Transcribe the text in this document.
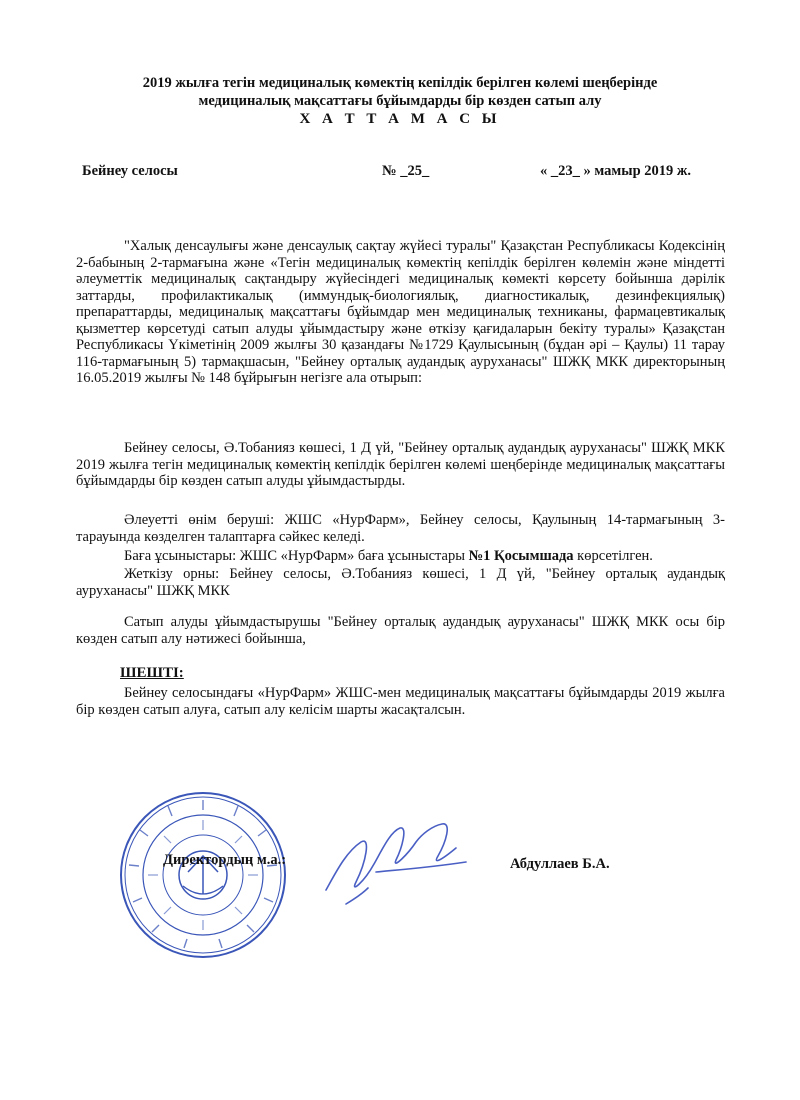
2019 жылға тегін медициналық көмектің кепілдік берілген көлемі шеңберінде
медициналық мақсаттағы бұйымдарды бір көзден сатып алу
Х А Т Т А М А С Ы
Бейнеу селосы	№ _25_	« _23_ » мамыр 2019 ж.
"Халық денсаулығы және денсаулық сақтау жүйесі туралы" Қазақстан Республикасы Кодексінің 2-бабының 2-тармағына және «Тегін медициналық көмектің кепілдік берілген көлемін және міндетті әлеуметтік медициналық сақтандыру жүйесіндегі медициналық көмекті көрсету бойынша дәрілік заттарды, профилактикалық (иммундық-биологиялық, диагностикалық, дезинфекциялық) препараттарды, медициналық мақсаттағы бұйымдар мен медициналық техниканы, фармацевтикалық қызметтер көрсетуді сатып алуды ұйымдастыру және өткізу қағидаларын бекіту туралы» Қазақстан Республикасы Үкіметінің 2009 жылғы 30 қазандағы №1729 Қаулысының (бұдан әрі – Қаулы) 11 тарау 116-тармағының 5) тармақшасын, "Бейнеу орталық аудандық ауруханасы" ШЖҚ МКК директорының 16.05.2019 жылғы № 148 бұйрығын негізге ала отырып:
Бейнеу селосы, Ә.Тобанияз көшесі, 1 Д үй, "Бейнеу орталық аудандық ауруханасы" ШЖҚ МКК 2019 жылға тегін медициналық көмектің кепілдік берілген көлемі шеңберінде медициналық мақсаттағы бұйымдарды бір көзден сатып алуды ұйымдастырды.
Әлеуетті өнім беруші: ЖШС «НурФарм», Бейнеу селосы, Қаулының 14-тармағының 3-тарауында көзделген талаптарға сәйкес келеді.
Баға ұсыныстары: ЖШС «НурФарм» баға ұсыныстары №1 Қосымшада көрсетілген.
Жеткізу орны: Бейнеу селосы, Ә.Тобанияз көшесі, 1 Д үй, "Бейнеу орталық аудандық ауруханасы" ШЖҚ МКК
Сатып алуды ұйымдастырушы "Бейнеу орталық аудандық ауруханасы" ШЖҚ МКК осы бір көзден сатып алу нәтижесі бойынша,
ШЕШТІ:
Бейнеу селосындағы «НурФарм» ЖШС-мен медициналық мақсаттағы бұйымдарды 2019 жылға бір көзден сатып алуға, сатып алу келісім шарты жасақталсын.
Директордың м.а.:	Абдуллаев Б.А.
